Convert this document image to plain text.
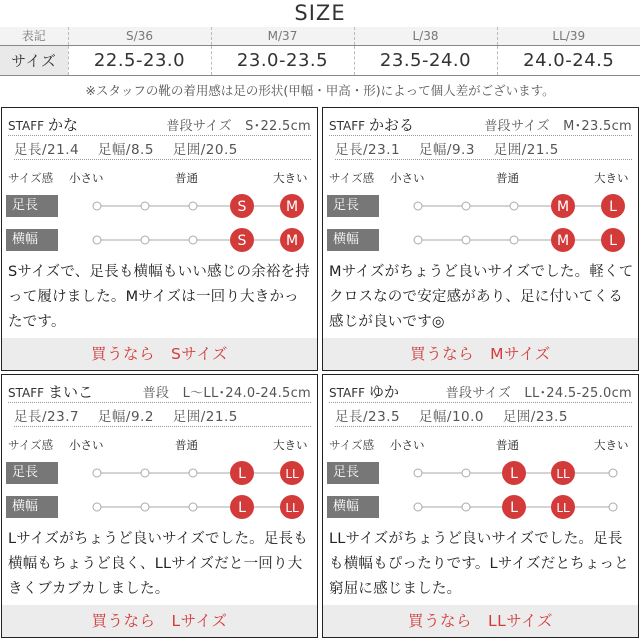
SIZE
表記	S/36	M/37	L/38	LL/39
サイズ	22.5-23.0	23.0-23.5	23.5-24.0	24.0-24.5
※スタッフの靴の着用感は足の形状(甲幅・甲高・形)によって個人差がございます。
STAFF かな	普段サイズ　S･22.5cm
足長/21.4 足幅/8.5 足囲/20.5
サイズ感 小さい	普通	大きい
足長	S	M
横幅	S	M
Sサイズで、足長も横幅もいい感じの余裕を持って履けました。Mサイズは一回り大きかったです。
買うなら　Sサイズ
STAFF かおる	普段サイズ　M･23.5cm
足長/23.1 足幅/9.3 足囲/21.5
サイズ感 小さい	普通	大きい
足長	M	L
横幅	M	L
Mサイズがちょうど良いサイズでした。軽くてクロスなので安定感があり、足に付いてくる感じが良いです◎
買うなら　Mサイズ
STAFF まいこ	普段　L〜LL･24.0-24.5cm
足長/23.7 足幅/9.2 足囲/21.5
サイズ感 小さい	普通	大きい
足長	L	LL
横幅	L	LL
Lサイズがちょうど良いサイズでした。足長も横幅もちょうど良く、LLサイズだと一回り大きくブカブカしました。
買うなら　Lサイズ
STAFF ゆか	普段サイズ　LL･24.5-25.0cm
足長/23.5 足幅/10.0 足囲/23.5
サイズ感 小さい	普通	大きい
足長	L	LL
横幅	L	LL
LLサイズがちょうど良いサイズでした。足長も横幅もぴったりです。Lサイズだとちょっと窮屈に感じました。
買うなら　LLサイズ
